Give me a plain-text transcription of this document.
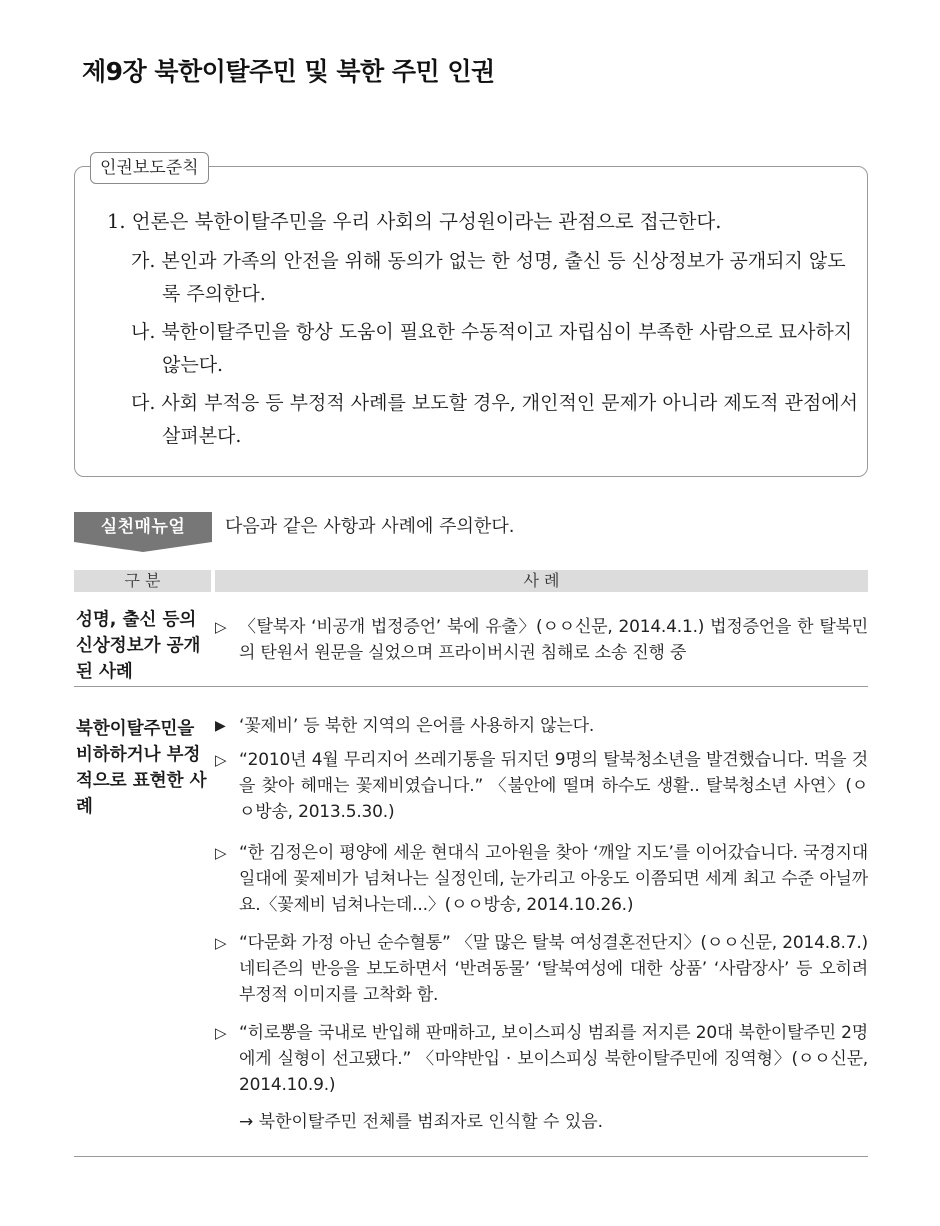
제9장 북한이탈주민 및 북한 주민 인권
인권보도준칙

1. 언론은 북한이탈주민을 우리 사회의 구성원이라는 관점으로 접근한다.

가. 본인과 가족의 안전을 위해 동의가 없는 한 성명, 출신 등 신상정보가 공개되지 않도록 주의한다.

나. 북한이탈주민을 항상 도움이 필요한 수동적이고 자립심이 부족한 사람으로 묘사하지 않는다.

다. 사회 부적응 등 부정적 사례를 보도할 경우, 개인적인 문제가 아니라 제도적 관점에서 살펴본다.

실천매뉴얼	다음과 같은 사항과 사례에 주의한다.
구 분	사 례
성명, 출신 등의 신상정보가 공개된 사례
▷ 〈탈북자 ‘비공개 법정증언’ 북에 유출〉(ㅇㅇ신문, 2014.4.1.) 법정증언을 한 탈북민의 탄원서 원문을 실었으며 프라이버시권 침해로 소송 진행 중
북한이탈주민을 비하하거나 부정적으로 표현한 사례
▶ ‘꽃제비’ 등 북한 지역의 은어를 사용하지 않는다.
▷ “2010년 4월 무리지어 쓰레기통을 뒤지던 9명의 탈북청소년을 발견했습니다. 먹을 것을 찾아 헤매는 꽃제비였습니다.” 〈불안에 떨며 하수도 생활.. 탈북청소년 사연〉(ㅇㅇ방송, 2013.5.30.)
▷ “한 김정은이 평양에 세운 현대식 고아원을 찾아 ‘깨알 지도’를 이어갔습니다. 국경지대 일대에 꽃제비가 넘쳐나는 실정인데, 눈가리고 아웅도 이쯤되면 세계 최고 수준 아닐까요.〈꽃제비 넘쳐나는데...〉(ㅇㅇ방송, 2014.10.26.)
▷ “다문화 가정 아닌 순수혈통” 〈말 많은 탈북 여성결혼전단지〉(ㅇㅇ신문, 2014.8.7.) 네티즌의 반응을 보도하면서 ‘반려동물’ ‘탈북여성에 대한 상품’ ‘사람장사’ 등 오히려 부정적 이미지를 고착화 함.
▷ “히로뽕을 국내로 반입해 판매하고, 보이스피싱 범죄를 저지른 20대 북한이탈주민 2명에게 실형이 선고됐다.” 〈마약반입 · 보이스피싱 북한이탈주민에 징역형〉(ㅇㅇ신문, 2014.10.9.)
→ 북한이탈주민 전체를 범죄자로 인식할 수 있음.
